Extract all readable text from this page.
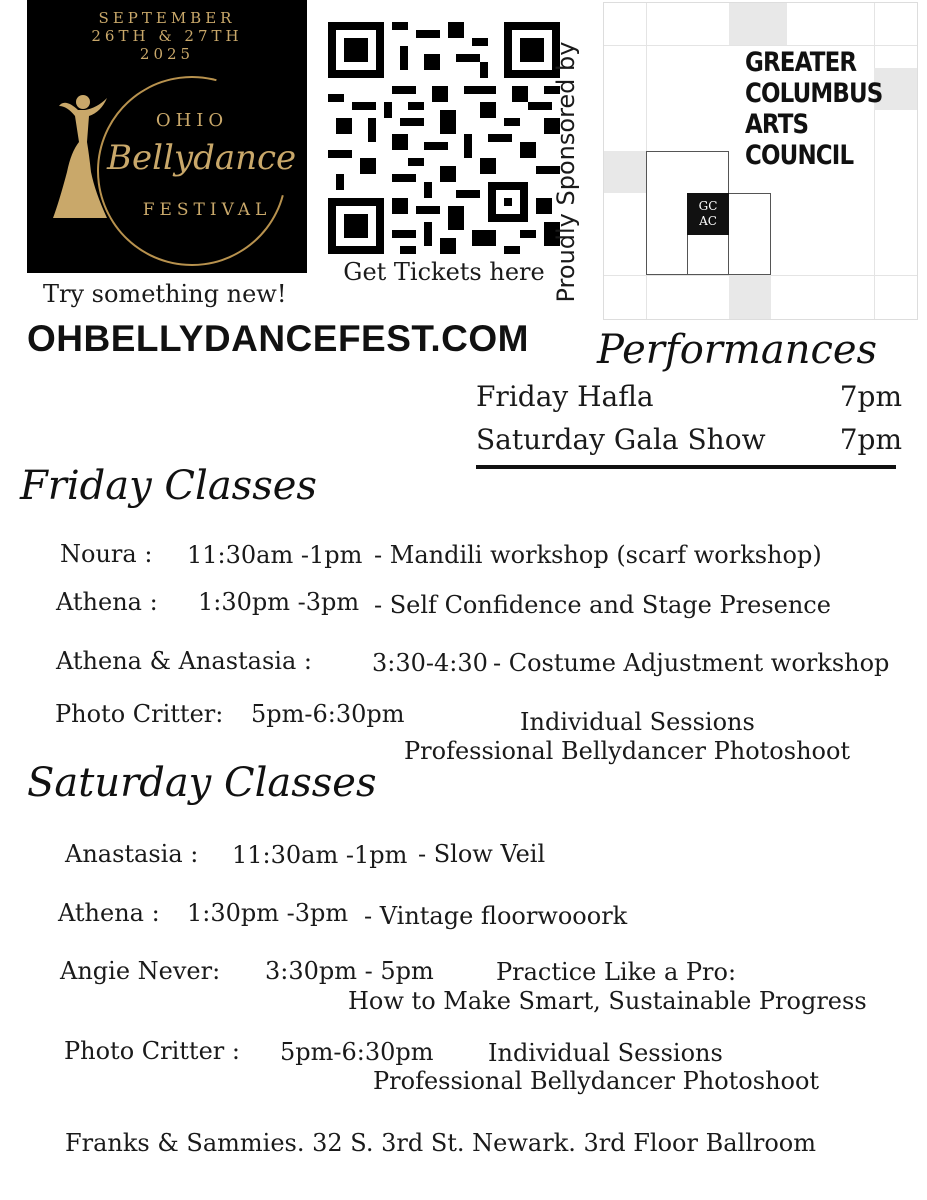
SEPTEMBER
26TH & 27TH
2025
OHIO
Bellydance
FESTIVAL
Get Tickets here Proudly Sponsored by	GREATER
COLUMBUS
ARTS
COUNCIL
GC
AC
Try something new!
OHBELLYDANCEFEST.COM Performances
Friday Hafla	7pm
Saturday Gala Show	7pm
Friday Classes
Noura : 11:30am -1pm - Mandili workshop (scarf workshop)
Athena : 1:30pm -3pm - Self Confidence and Stage Presence
Athena & Anastasia :	3:30-4:30 - Costume Adjustment workshop
Photo Critter: 5pm-6:30pm	Individual Sessions
Professional Bellydancer Photoshoot
Saturday Classes
Anastasia : 11:30am -1pm - Slow Veil
Athena : 1:30pm -3pm - Vintage floorwooork
Angie Never: 3:30pm - 5pm	Practice Like a Pro:
How to Make Smart, Sustainable Progress
Photo Critter : 5pm-6:30pm Individual Sessions
Professional Bellydancer Photoshoot
Franks & Sammies. 32 S. 3rd St. Newark. 3rd Floor Ballroom
